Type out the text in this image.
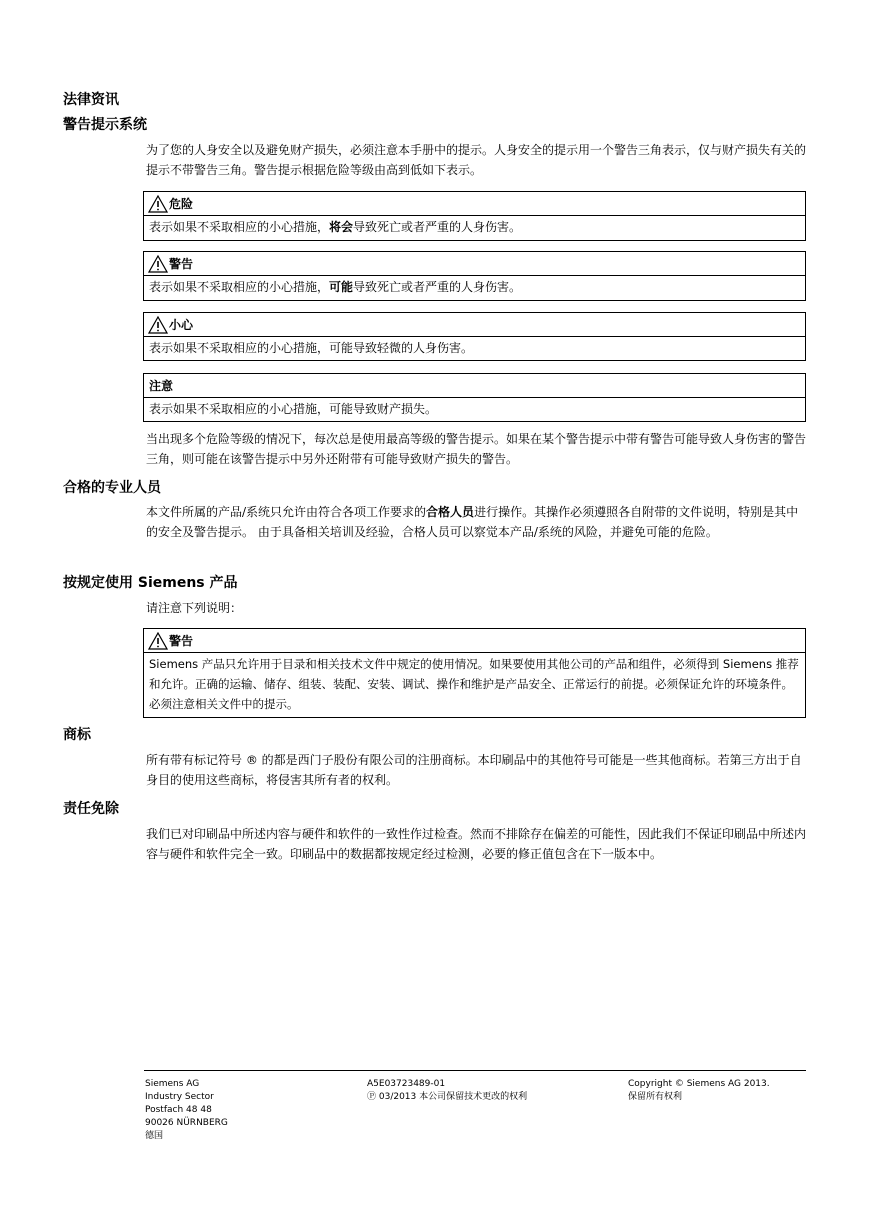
法律资讯
警告提示系统
为了您的人身安全以及避免财产损失，必须注意本手册中的提示。人身安全的提示用一个警告三角表示，仅与财产损失有关的提示不带警告三角。警告提示根据危险等级由高到低如下表示。
危险
表示如果不采取相应的小心措施，将会导致死亡或者严重的人身伤害。
警告
表示如果不采取相应的小心措施，可能导致死亡或者严重的人身伤害。
小心
表示如果不采取相应的小心措施，可能导致轻微的人身伤害。
注意
表示如果不采取相应的小心措施，可能导致财产损失。
当出现多个危险等级的情况下，每次总是使用最高等级的警告提示。如果在某个警告提示中带有警告可能导致人身伤害的警告三角，则可能在该警告提示中另外还附带有可能导致财产损失的警告。
合格的专业人员
本文件所属的产品/系统只允许由符合各项工作要求的合格人员进行操作。其操作必须遵照各自附带的文件说明，特别是其中的安全及警告提示。 由于具备相关培训及经验，合格人员可以察觉本产品/系统的风险，并避免可能的危险。
按规定使用 Siemens 产品
请注意下列说明：
警告
Siemens 产品只允许用于目录和相关技术文件中规定的使用情况。如果要使用其他公司的产品和组件，必须得到 Siemens 推荐和允许。正确的运输、储存、组装、装配、安装、调试、操作和维护是产品安全、正常运行的前提。必须保证允许的环境条件。必须注意相关文件中的提示。
商标
所有带有标记符号 ® 的都是西门子股份有限公司的注册商标。本印刷品中的其他符号可能是一些其他商标。若第三方出于自身目的使用这些商标，将侵害其所有者的权利。
责任免除
我们已对印刷品中所述内容与硬件和软件的一致性作过检查。然而不排除存在偏差的可能性，因此我们不保证印刷品中所述内容与硬件和软件完全一致。印刷品中的数据都按规定经过检测，必要的修正值包含在下一版本中。
Siemens AG
Industry Sector
Postfach 48 48
90026 NÜRNBERG
德国
A5E03723489-01
Ⓟ 03/2013 本公司保留技术更改的权利
Copyright © Siemens AG 2013.
保留所有权利
